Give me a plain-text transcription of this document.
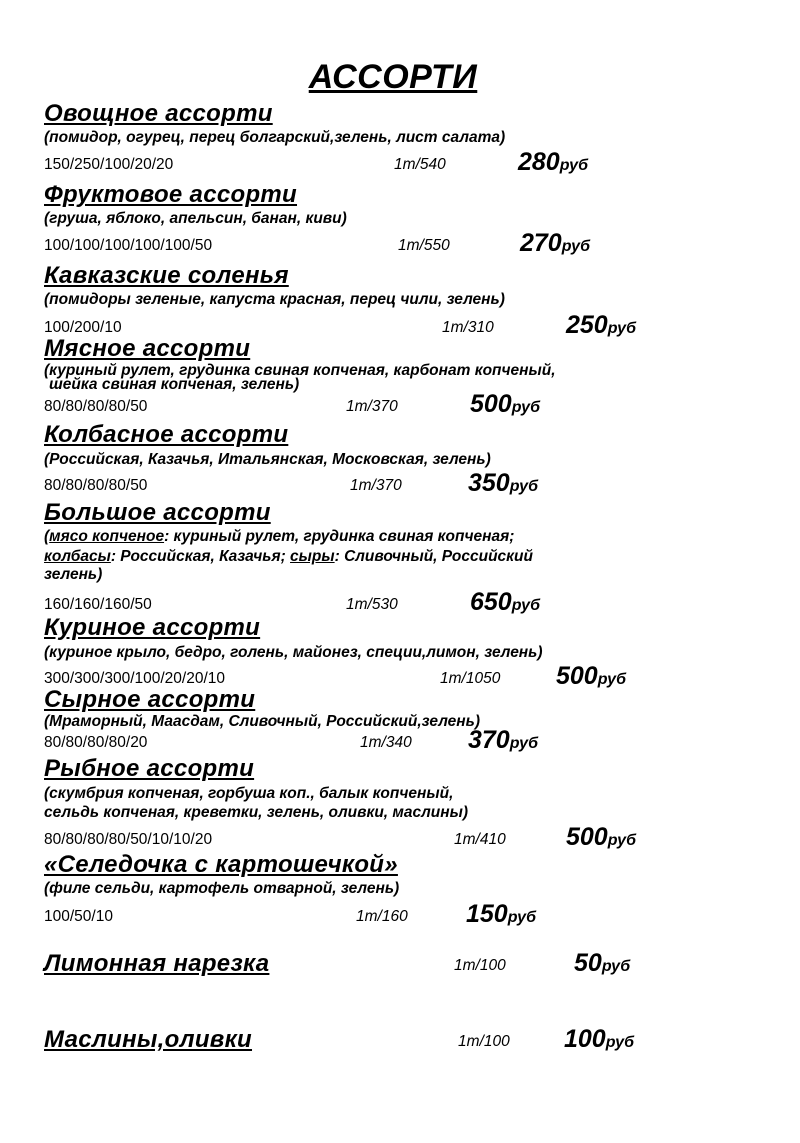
АССОРТИ
Овощное ассорти
(помидор, огурец, перец болгарский,зелень, лист салата)
150/250/100/20/20	1т/540	280руб
Фруктовое ассорти
(груша, яблоко, апельсин, банан, киви)
100/100/100/100/100/50	1т/550	270руб
Кавказские соленья
(помидоры зеленые, капуста красная, перец чили, зелень)
100/200/10	1т/310	250руб
Мясное ассорти
(куриный рулет, грудинка свиная копченая, карбонат копченый,
шейка свиная копченая, зелень)
80/80/80/80/50	1т/370	500руб
Колбасное ассорти
(Российская, Казачья, Итальянская, Московская, зелень)
80/80/80/80/50	1т/370	350руб
Большое ассорти
(мясо копченое: куриный рулет, грудинка свиная копченая;
колбасы: Российская, Казачья; сыры: Сливочный, Российский
зелень)
160/160/160/50	1т/530	650руб
Куриное ассорти
(куриное крыло, бедро, голень, майонез, специи,лимон, зелень)
300/300/300/100/20/20/10	1т/1050 500руб
Сырное ассорти
(Мраморный, Маасдам, Сливочный, Российский,зелень)
80/80/80/80/20	1т/340 370руб
Рыбное ассорти
(скумбрия копченая, горбуша коп., балык копченый,
сельдь копченая, креветки, зелень, оливки, маслины)
80/80/80/80/50/10/10/20	1т/410 500руб
«Селедочка с картошечкой»
(филе сельди, картофель отварной, зелень)
100/50/10	1т/160 150руб
Лимонная нарезка	1т/100	50руб
Маслины,оливки	1т/100 100руб
